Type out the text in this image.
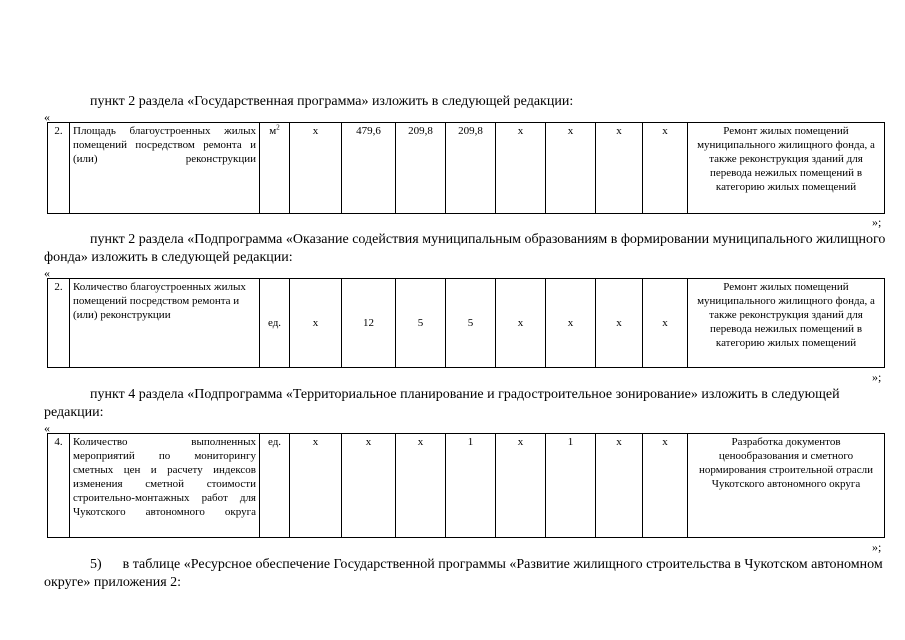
пункт 2 раздела «Государственная программа» изложить в следующей редакции:

«
2.	Площадь благоустроенных жилых помещений посредством ремонта и (или) реконструкции	$м^2$	х	479,6	209,8	209,8	х	х	х	х	Ремонт жилых помещений муниципального жилищного фонда, а также реконструкция зданий для перевода нежилых помещений в категорию жилых помещений
»;

пункт 2 раздела «Подпрограмма «Оказание содействия муниципальным образованиям в формировании муниципального жилищного фонда» изложить в следующей редакции:

«
2.	Количество благоустроенных жилых помещений посредством ремонта и (или) реконструкции	ед.	х	12	5	5	х	х	х	х	Ремонт жилых помещений муниципального жилищного фонда, а также реконструкция зданий для перевода нежилых помещений в категорию жилых помещений
»;

пункт 4 раздела «Подпрограмма «Территориальное планирование и градостроительное зонирование» изложить в следующей редакции:

«
4.	Количество выполненных мероприятий по мониторингу сметных цен и расчету индексов изменения сметной стоимости строительно-монтажных работ для Чукотского автономного округа	ед.	х	х	х	1	х	1	х	х	Разработка документов ценообразования и сметного нормирования строительной отрасли Чукотского автономного округа
»;

5)      в таблице «Ресурсное обеспечение Государственной программы «Развитие жилищного строительства в Чукотском автономном округе» приложения 2:
